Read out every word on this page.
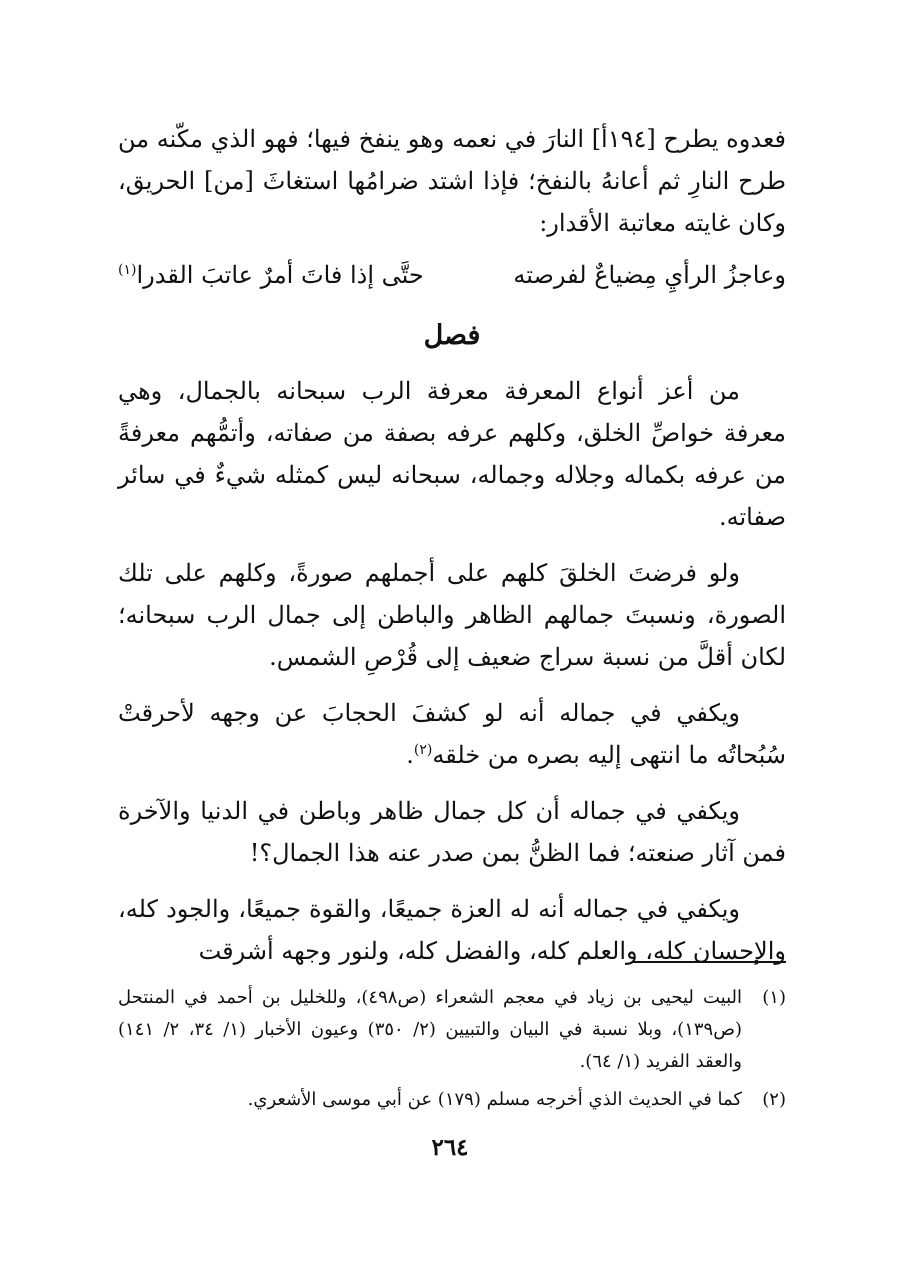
فعدوه يطرح [١٩٤أ] النارَ في نعمه وهو ينفخ فيها؛ فهو الذي مكّنه من طرح النارِ ثم أعانهُ بالنفخ؛ فإذا اشتد ضرامُها استغاثَ [من] الحريق، وكان غايته معاتبة الأقدار:

وعاجزُ الرأيِ مِضياعٌ لفرصته
حتَّى إذا فاتَ أمرٌ عاتبَ القدرا$^{(١)}$
فصل

من أعز أنواع المعرفة معرفة الرب سبحانه بالجمال، وهي معرفة خواصِّ الخلق، وكلهم عرفه بصفة من صفاته، وأتمُّهم معرفةً من عرفه بكماله وجلاله وجماله، سبحانه ليس كمثله شيءٌ في سائر صفاته.

ولو فرضتَ الخلقَ كلهم على أجملهم صورةً، وكلهم على تلك الصورة، ونسبتَ جمالهم الظاهر والباطن إلى جمال الرب سبحانه؛ لكان أقلَّ من نسبة سراج ضعيف إلى قُرْصِ الشمس.

ويكفي في جماله أنه لو كشفَ الحجابَ عن وجهه لأحرقتْ سُبُحاتُه ما انتهى إليه بصره من خلقه$^{(٢)}$.

ويكفي في جماله أن كل جمال ظاهر وباطن في الدنيا والآخرة فمن آثار صنعته؛ فما الظنُّ بمن صدر عنه هذا الجمال؟!

ويكفي في جماله أنه له العزة جميعًا، والقوة جميعًا، والجود كله، والإحسان كله، والعلم كله، والفضل كله، ولنور وجهه أشرقت

(١)
البيت ليحيى بن زياد في معجم الشعراء (ص٤٩٨)، وللخليل بن أحمد في المنتحل (ص١٣٩)، وبلا نسبة في البيان والتبيين (٢/ ٣٥٠) وعيون الأخبار (١/ ٣٤، ٢/ ١٤١) والعقد الفريد (١/ ٦٤).
(٢)
كما في الحديث الذي أخرجه مسلم (١٧٩) عن أبي موسى الأشعري.
٢٦٤
